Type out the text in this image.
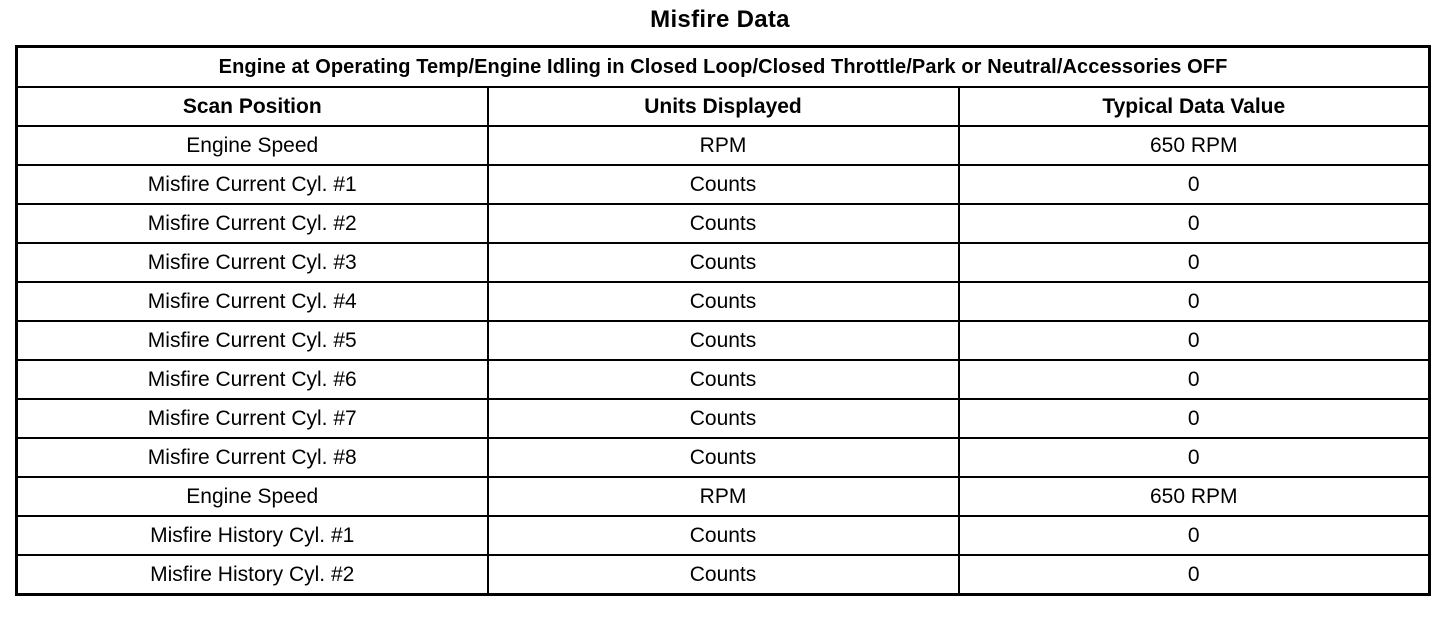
Misfire Data
Engine at Operating Temp/Engine Idling in Closed Loop/Closed Throttle/Park or Neutral/Accessories OFF		
Scan Position	Units Displayed	Typical Data Value
Engine Speed	RPM	650 RPM
Misfire Current Cyl. #1	Counts	0
Misfire Current Cyl. #2	Counts	0
Misfire Current Cyl. #3	Counts	0
Misfire Current Cyl. #4	Counts	0
Misfire Current Cyl. #5	Counts	0
Misfire Current Cyl. #6	Counts	0
Misfire Current Cyl. #7	Counts	0
Misfire Current Cyl. #8	Counts	0
Engine Speed	RPM	650 RPM
Misfire History Cyl. #1	Counts	0
Misfire History Cyl. #2	Counts	0
